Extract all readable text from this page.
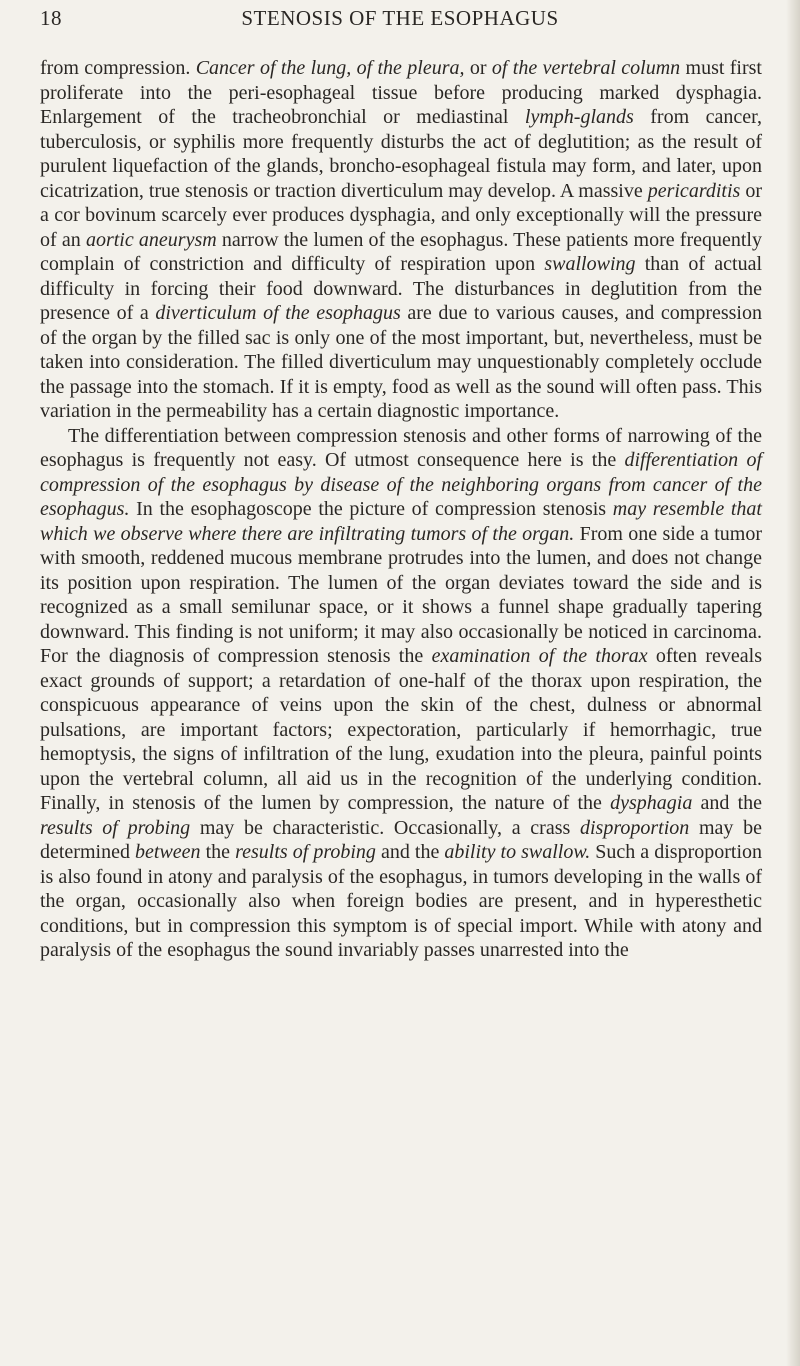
18	STENOSIS OF THE ESOPHAGUS

from compression. Cancer of the lung, of the pleura, or of the vertebral column must first proliferate into the peri-esophageal tissue before producing marked dysphagia. Enlargement of the tracheobronchial or mediastinal lymph-glands from cancer, tuberculosis, or syphilis more frequently disturbs the act of deglutition; as the result of purulent liquefaction of the glands, broncho-esophageal fistula may form, and later, upon cicatrization, true stenosis or traction diverticulum may develop. A massive pericarditis or a cor bovinum scarcely ever produces dysphagia, and only exceptionally will the pressure of an aortic aneurysm narrow the lumen of the esophagus. These patients more frequently complain of constriction and difficulty of respiration upon swallowing than of actual difficulty in forcing their food downward. The disturbances in deglutition from the presence of a diverticulum of the esophagus are due to various causes, and compression of the organ by the filled sac is only one of the most important, but, nevertheless, must be taken into consideration. The filled diverticulum may unquestionably completely occlude the passage into the stomach. If it is empty, food as well as the sound will often pass. This variation in the permeability has a certain diagnostic importance.

The differentiation between compression stenosis and other forms of narrowing of the esophagus is frequently not easy. Of utmost consequence here is the differentiation of compression of the esophagus by disease of the neighboring organs from cancer of the esophagus. In the esophagoscope the picture of compression stenosis may resemble that which we observe where there are infiltrating tumors of the organ. From one side a tumor with smooth, reddened mucous membrane protrudes into the lumen, and does not change its position upon respiration. The lumen of the organ deviates toward the side and is recognized as a small semilunar space, or it shows a funnel shape gradually tapering downward. This finding is not uniform; it may also occasionally be noticed in carcinoma. For the diagnosis of compression stenosis the examination of the thorax often reveals exact grounds of support; a retardation of one-half of the thorax upon respiration, the conspicuous appearance of veins upon the skin of the chest, dulness or abnormal pulsations, are important factors; expectoration, particularly if hemorrhagic, true hemoptysis, the signs of infiltration of the lung, exudation into the pleura, painful points upon the vertebral column, all aid us in the recognition of the underlying condition. Finally, in stenosis of the lumen by compression, the nature of the dysphagia and the results of probing may be characteristic. Occasionally, a crass disproportion may be determined between the results of probing and the ability to swallow. Such a disproportion is also found in atony and paralysis of the esophagus, in tumors developing in the walls of the organ, occasionally also when foreign bodies are present, and in hyperesthetic conditions, but in compression this symptom is of special import. While with atony and paralysis of the esophagus the sound invariably passes unarrested into the
